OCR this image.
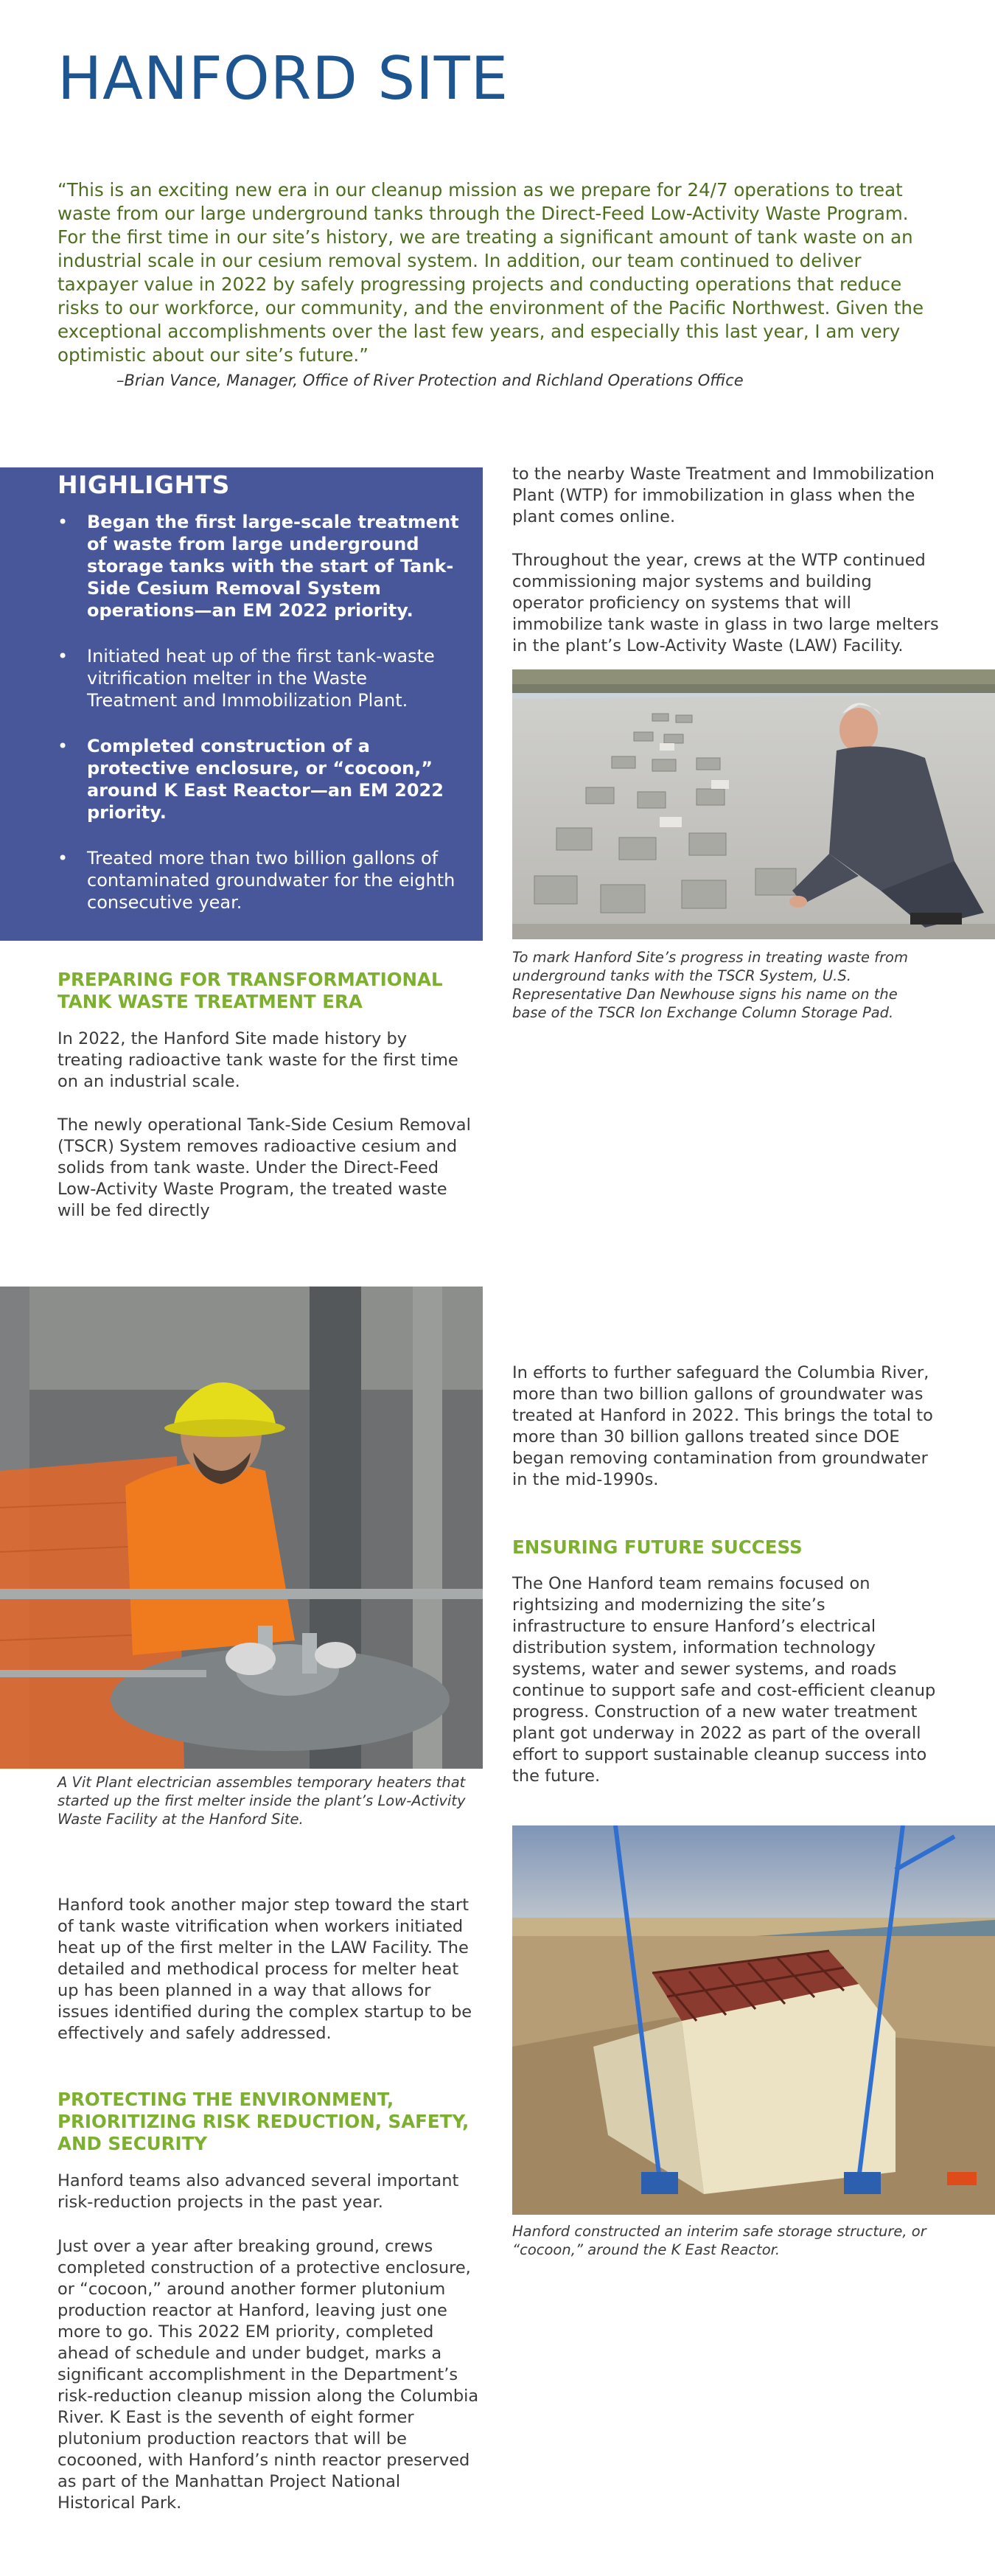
HANFORD SITE

“This is an exciting new era in our cleanup mission as we prepare for 24/7 operations to treat waste from our large underground tanks through the Direct-Feed Low-Activity Waste Program. For the first time in our site’s history, we are treating a significant amount of tank waste on an industrial scale in our cesium removal system. In addition, our team continued to deliver taxpayer value in 2022 by safely progressing projects and conducting operations that reduce risks to our workforce, our community, and the environment of the Pacific Northwest. Given the exceptional accomplishments over the last few years, and especially this last year, I am very optimistic about our site’s future.”

–Brian Vance, Manager, Office of River Protection and Richland Operations Office

HIGHLIGHTS
• Began the first large-scale treatment of waste from large underground storage tanks with the start of Tank-Side Cesium Removal System operations—an EM 2022 priority.
• Initiated heat up of the first tank-waste vitrification melter in the Waste Treatment and Immobilization Plant.
• Completed construction of a protective enclosure, or “cocoon,” around K East Reactor—an EM 2022 priority.
• Treated more than two billion gallons of contaminated groundwater for the eighth consecutive year.
PREPARING FOR TRANSFORMATIONAL TANK WASTE TREATMENT ERA

In 2022, the Hanford Site made history by treating radioactive tank waste for the first time on an industrial scale.

The newly operational Tank-Side Cesium Removal (TSCR) System removes radioactive cesium and solids from tank waste. Under the Direct-Feed Low-Activity Waste Program, the treated waste will be fed directly

to the nearby Waste Treatment and Immobilization Plant (WTP) for immobilization in glass when the plant comes online.

Throughout the year, crews at the WTP continued commissioning major systems and building operator proficiency on systems that will immobilize tank waste in glass in two large melters in the plant’s Low-Activity Waste (LAW) Facility.

To mark Hanford Site’s progress in treating waste from underground tanks with the TSCR System, U.S. Representative Dan Newhouse signs his name on the base of the TSCR Ion Exchange Column Storage Pad.

A Vit Plant electrician assembles temporary heaters that started up the first melter inside the plant’s Low-Activity Waste Facility at the Hanford Site.

Hanford took another major step toward the start of tank waste vitrification when workers initiated heat up of the first melter in the LAW Facility. The detailed and methodical process for melter heat up has been planned in a way that allows for issues identified during the complex startup to be effectively and safely addressed.

PROTECTING THE ENVIRONMENT, PRIORITIZING RISK REDUCTION, SAFETY, AND SECURITY

Hanford teams also advanced several important risk-reduction projects in the past year.

Just over a year after breaking ground, crews completed construction of a protective enclosure, or “cocoon,” around another former plutonium production reactor at Hanford, leaving just one more to go. This 2022 EM priority, completed ahead of schedule and under budget, marks a significant accomplishment in the Department’s risk-reduction cleanup mission along the Columbia River. K East is the seventh of eight former plutonium production reactors that will be cocooned, with Hanford’s ninth reactor preserved as part of the Manhattan Project National Historical Park.

In efforts to further safeguard the Columbia River, more than two billion gallons of groundwater was treated at Hanford in 2022. This brings the total to more than 30 billion gallons treated since DOE began removing contamination from groundwater in the mid-1990s.

ENSURING FUTURE SUCCESS

The One Hanford team remains focused on rightsizing and modernizing the site’s infrastructure to ensure Hanford’s electrical distribution system, information technology systems, water and sewer systems, and roads continue to support safe and cost-efficient cleanup progress. Construction of a new water treatment plant got underway in 2022 as part of the overall effort to support sustainable cleanup success into the future.

Hanford constructed an interim safe storage structure, or “cocoon,” around the K East Reactor.
